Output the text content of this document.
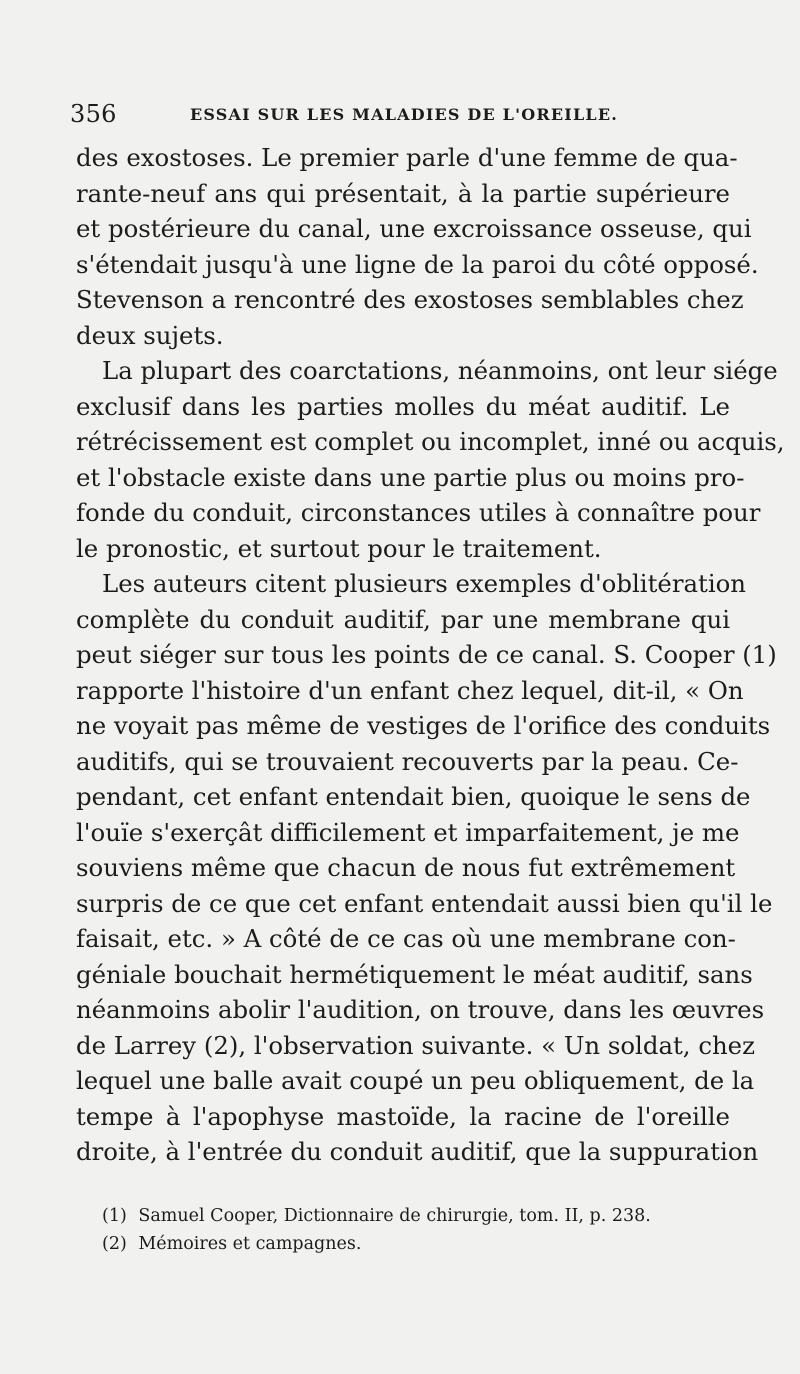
356	ESSAI SUR LES MALADIES DE L'OREILLE.
des exostoses. Le premier parle d'une femme de qua-
rante-neuf ans qui présentait, à la partie supérieure
et postérieure du canal, une excroissance osseuse, qui
s'étendait jusqu'à une ligne de la paroi du côté opposé.
Stevenson a rencontré des exostoses semblables chez
deux sujets.
La plupart des coarctations, néanmoins, ont leur siége
exclusif dans les parties molles du méat auditif. Le
rétrécissement est complet ou incomplet, inné ou acquis,
et l'obstacle existe dans une partie plus ou moins pro-
fonde du conduit, circonstances utiles à connaître pour
le pronostic, et surtout pour le traitement.
Les auteurs citent plusieurs exemples d'oblitération
complète du conduit auditif, par une membrane qui
peut siéger sur tous les points de ce canal. S. Cooper (1)
rapporte l'histoire d'un enfant chez lequel, dit-il, « On
ne voyait pas même de vestiges de l'orifice des conduits
auditifs, qui se trouvaient recouverts par la peau. Ce-
pendant, cet enfant entendait bien, quoique le sens de
l'ouïe s'exerçât difficilement et imparfaitement, je me
souviens même que chacun de nous fut extrêmement
surpris de ce que cet enfant entendait aussi bien qu'il le
faisait, etc. » A côté de ce cas où une membrane con-
géniale bouchait hermétiquement le méat auditif, sans
néanmoins abolir l'audition, on trouve, dans les œuvres
de Larrey (2), l'observation suivante. « Un soldat, chez
lequel une balle avait coupé un peu obliquement, de la
tempe à l'apophyse mastoïde, la racine de l'oreille
droite, à l'entrée du conduit auditif, que la suppuration
(1) Samuel Cooper, Dictionnaire de chirurgie, tom. II, p. 238.
(2) Mémoires et campagnes.
